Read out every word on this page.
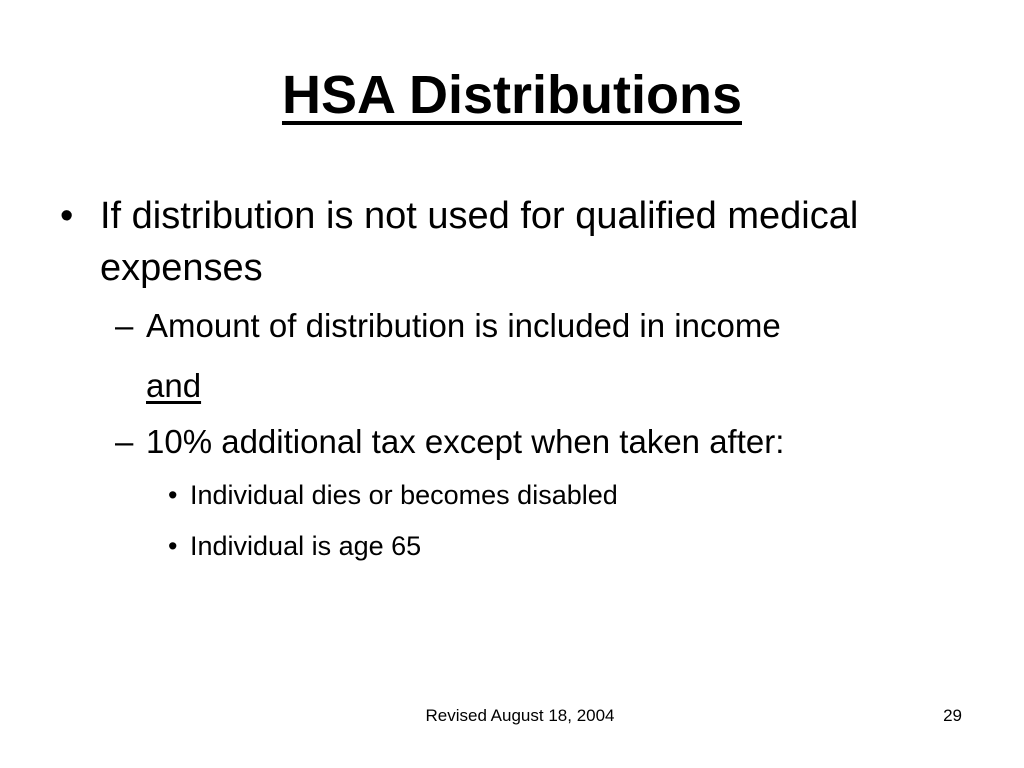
HSA Distributions
• If distribution is not used for qualified medical expenses
– Amount of distribution is included in income
and
– 10% additional tax except when taken after:
• Individual dies or becomes disabled
• Individual is age 65
Revised August 18, 2004	29
